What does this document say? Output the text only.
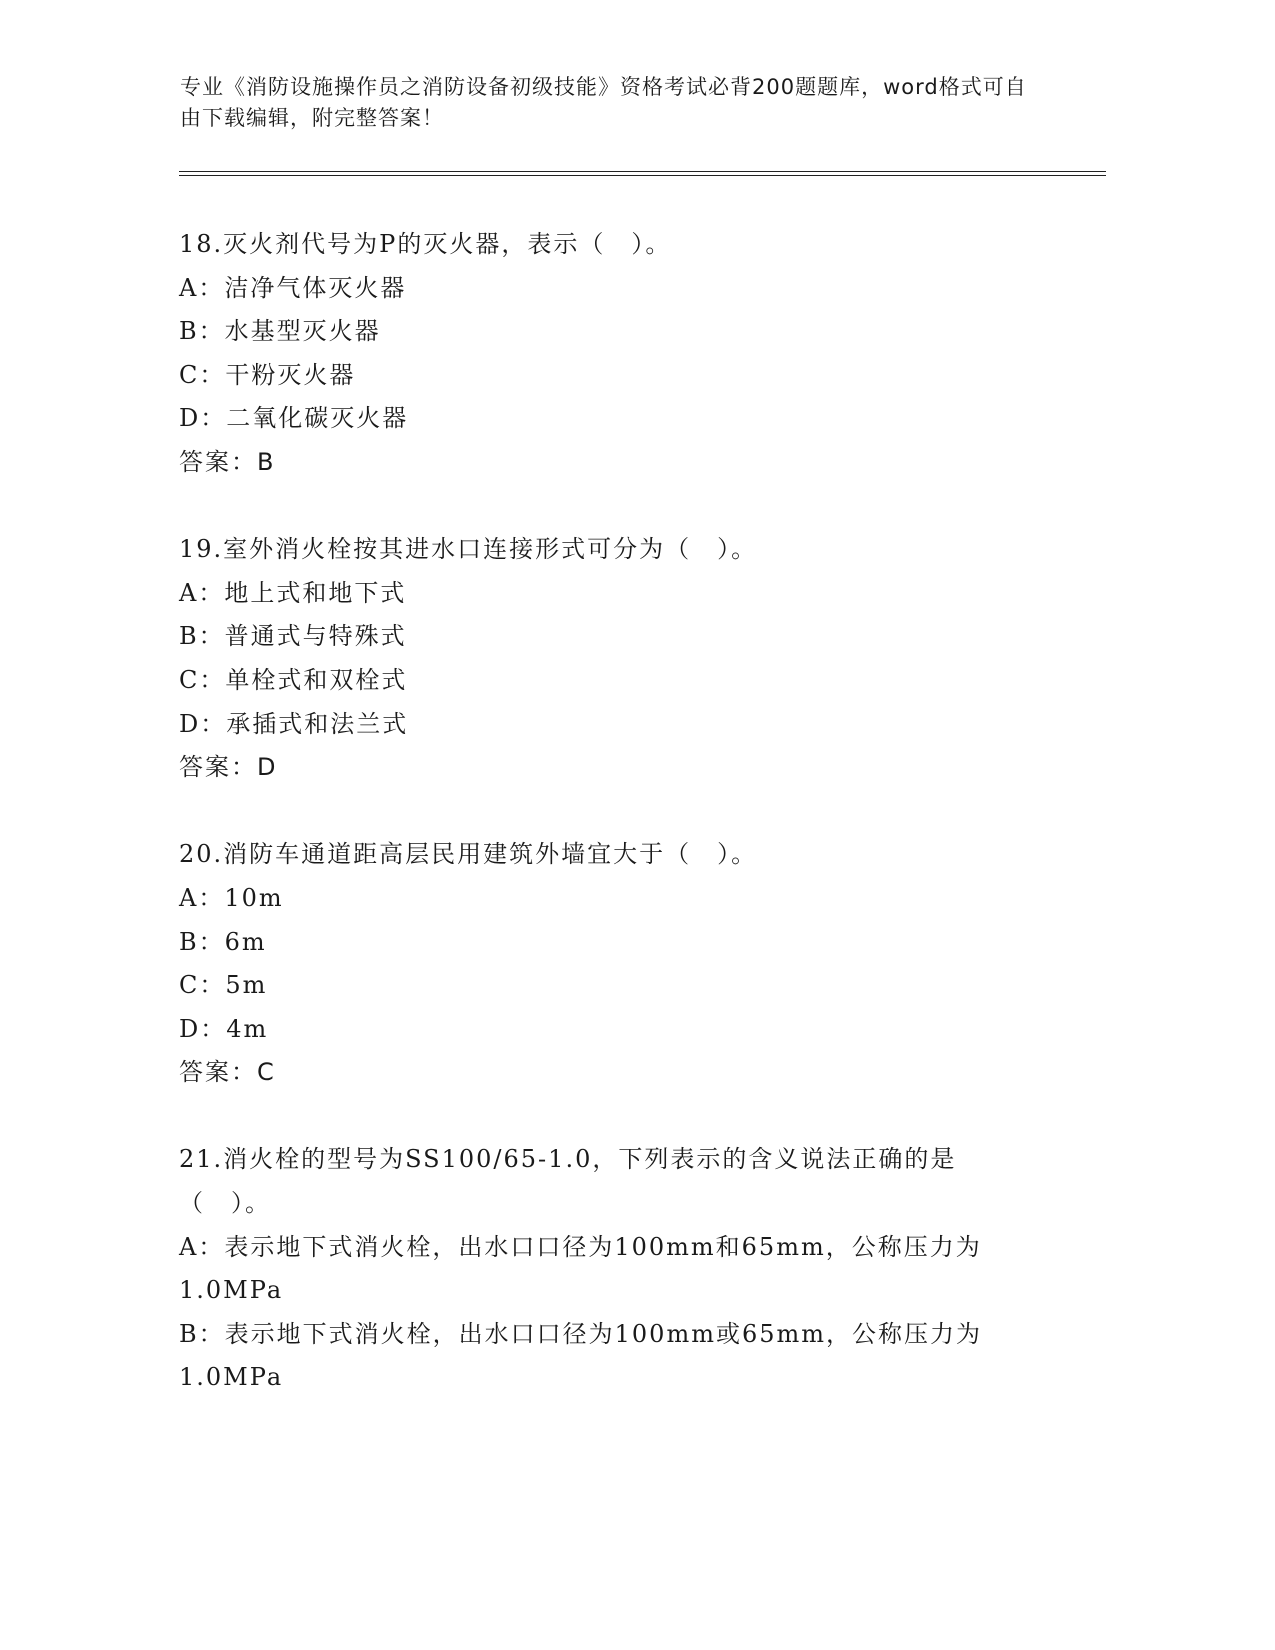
专业《消防设施操作员之消防设备初级技能》资格考试必背200题题库，word格式可自由下载编辑，附完整答案！
18.灭火剂代号为P的灭火器，表示（　）。
A：洁净气体灭火器
B：水基型灭火器
C：干粉灭火器
D：二氧化碳灭火器
答案：B
19.室外消火栓按其进水口连接形式可分为（　）。
A：地上式和地下式
B：普通式与特殊式
C：单栓式和双栓式
D：承插式和法兰式
答案：D
20.消防车通道距高层民用建筑外墙宜大于（　）。
A：10m
B：6m
C：5m
D：4m
答案：C
21.消火栓的型号为SS100/65-1.0，下列表示的含义说法正确的是（　）。
A：表示地下式消火栓，出水口口径为100mm和65mm，公称压力为1.0MPa
B：表示地下式消火栓，出水口口径为100mm或65mm，公称压力为1.0MPa
